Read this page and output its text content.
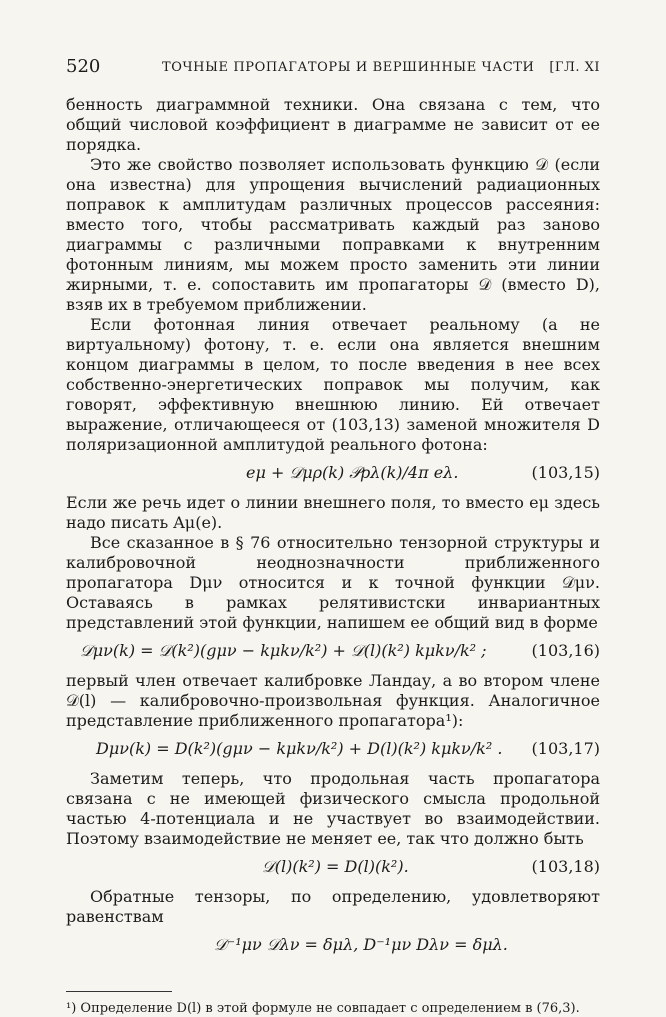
520	ТОЧНЫЕ ПРОПАГАТОРЫ И ВЕРШИННЫЕ ЧАСТИ [ГЛ. XI

бенность диаграммной техники. Она связана с тем, что общий числовой коэффициент в диаграмме не зависит от ее порядка.

Это же свойство позволяет использовать функцию 𝒟 (если она известна) для упрощения вычислений радиационных поправок к амплитудам различных процессов рассеяния: вместо того, чтобы рассматривать каждый раз заново диаграммы с различными поправками к внутренним фотонным линиям, мы можем просто заменить эти линии жирными, т. е. сопоставить им пропагаторы 𝒟 (вместо D), взяв их в требуемом приближении.

Если фотонная линия отвечает реальному (а не виртуальному) фотону, т. е. если она является внешним концом диаграммы в целом, то после введения в нее всех собственно-энергетических поправок мы получим, как говорят, эффективную внешнюю линию. Ей отвечает выражение, отличающееся от (103,13) заменой множителя D поляризационной амплитудой реального фотона:

eμ + 𝒟μρ(k) 𝒫ρλ(k)/4π eλ.	(103,15)

Если же речь идет о линии внешнего поля, то вместо eμ здесь надо писать Aμ(e).

Все сказанное в § 76 относительно тензорной структуры и калибровочной неоднозначности приближенного пропагатора Dμν относится и к точной функции 𝒟μν. Оставаясь в рамках релятивистски инвариантных представлений этой функции, напишем ее общий вид в форме

𝒟μν(k) = 𝒟(k²)(gμν − kμkν/k²) + 𝒟(l)(k²) kμkν/k² ;	(103,16)

первый член отвечает калибровке Ландау, а во втором члене 𝒟(l) — калибровочно-произвольная функция. Аналогичное представление приближенного пропагатора¹):

Dμν(k) = D(k²)(gμν − kμkν/k²) + D(l)(k²) kμkν/k² . (103,17)

Заметим теперь, что продольная часть пропагатора связана с не имеющей физического смысла продольной частью 4-потенциала и не участвует во взаимодействии. Поэтому взаимодействие не меняет ее, так что должно быть

𝒟(l)(k²) = D(l)(k²).	(103,18)

Обратные тензоры, по определению, удовлетворяют равенствам

𝒟⁻¹μν 𝒟λν = δμλ, D⁻¹μν Dλν = δμλ.

¹) Определение D(l) в этой формуле не совпадает с определением в (76,3).
